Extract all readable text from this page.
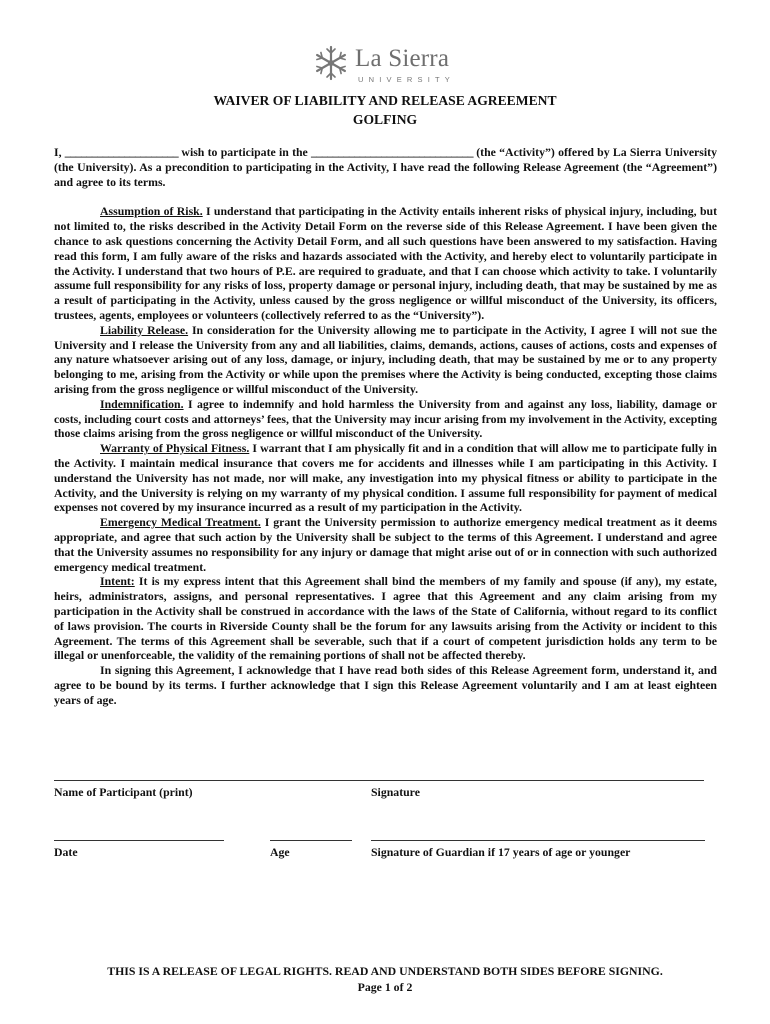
La Sierra
UNIVERSITY
WAIVER OF LIABILITY AND RELEASE AGREEMENT
GOLFING

I, _____________________ wish to participate in the ______________________________ (the “Activity”) offered by La Sierra University (the University). As a precondition to participating in the Activity, I have read the following Release Agreement (the “Agreement”) and agree to its terms.

Assumption of Risk. I understand that participating in the Activity entails inherent risks of physical injury, including, but not limited to, the risks described in the Activity Detail Form on the reverse side of this Release Agreement. I have been given the chance to ask questions concerning the Activity Detail Form, and all such questions have been answered to my satisfaction. Having read this form, I am fully aware of the risks and hazards associated with the Activity, and hereby elect to voluntarily participate in the Activity. I understand that two hours of P.E. are required to graduate, and that I can choose which activity to take. I voluntarily assume full responsibility for any risks of loss, property damage or personal injury, including death, that may be sustained by me as a result of participating in the Activity, unless caused by the gross negligence or willful misconduct of the University, its officers, trustees, agents, employees or volunteers (collectively referred to as the “University”).

Liability Release. In consideration for the University allowing me to participate in the Activity, I agree I will not sue the University and I release the University from any and all liabilities, claims, demands, actions, causes of actions, costs and expenses of any nature whatsoever arising out of any loss, damage, or injury, including death, that may be sustained by me or to any property belonging to me, arising from the Activity or while upon the premises where the Activity is being conducted, excepting those claims arising from the gross negligence or willful misconduct of the University.

Indemnification. I agree to indemnify and hold harmless the University from and against any loss, liability, damage or costs, including court costs and attorneys’ fees, that the University may incur arising from my involvement in the Activity, excepting those claims arising from the gross negligence or willful misconduct of the University.

Warranty of Physical Fitness. I warrant that I am physically fit and in a condition that will allow me to participate fully in the Activity. I maintain medical insurance that covers me for accidents and illnesses while I am participating in this Activity. I understand the University has not made, nor will make, any investigation into my physical fitness or ability to participate in the Activity, and the University is relying on my warranty of my physical condition. I assume full responsibility for payment of medical expenses not covered by my insurance incurred as a result of my participation in the Activity.

Emergency Medical Treatment. I grant the University permission to authorize emergency medical treatment as it deems appropriate, and agree that such action by the University shall be subject to the terms of this Agreement. I understand and agree that the University assumes no responsibility for any injury or damage that might arise out of or in connection with such authorized emergency medical treatment.

Intent: It is my express intent that this Agreement shall bind the members of my family and spouse (if any), my estate, heirs, administrators, assigns, and personal representatives. I agree that this Agreement and any claim arising from my participation in the Activity shall be construed in accordance with the laws of the State of California, without regard to its conflict of laws provision. The courts in Riverside County shall be the forum for any lawsuits arising from the Activity or incident to this Agreement. The terms of this Agreement shall be severable, such that if a court of competent jurisdiction holds any term to be illegal or unenforceable, the validity of the remaining portions of shall not be affected thereby.

In signing this Agreement, I acknowledge that I have read both sides of this Release Agreement form, understand it, and agree to be bound by its terms. I further acknowledge that I sign this Release Agreement voluntarily and I am at least eighteen years of age.

Name of Participant (print)	Signature
Date	Age	Signature of Guardian if 17 years of age or younger
THIS IS A RELEASE OF LEGAL RIGHTS. READ AND UNDERSTAND BOTH SIDES BEFORE SIGNING.
Page 1 of 2
